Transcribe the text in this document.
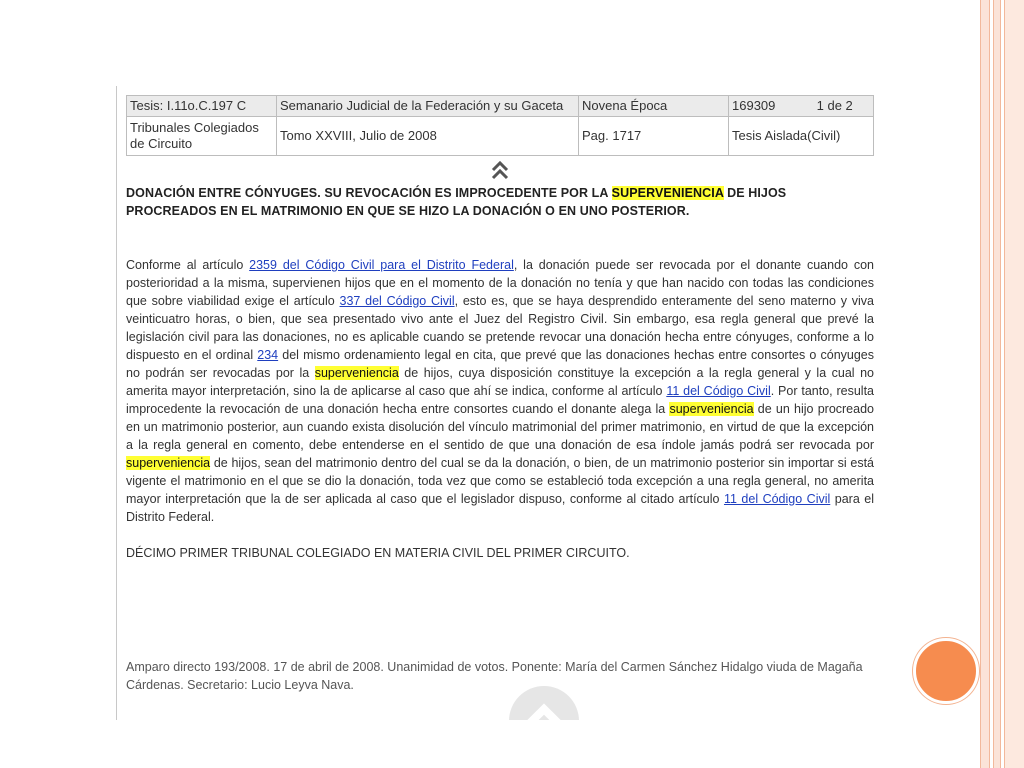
Tesis: I.11o.C.197 C	Semanario Judicial de la Federación y su Gaceta	Novena Época	169309 1 de 2
Tribunales Colegiados de Circuito	Tomo XXVIII, Julio de 2008	Pag. 1717	Tesis Aislada(Civil)

DONACIÓN ENTRE CÓNYUGES. SU REVOCACIÓN ES IMPROCEDENTE POR LA SUPERVENIENCIA DE HIJOS PROCREADOS EN EL MATRIMONIO EN QUE SE HIZO LA DONACIÓN O EN UNO POSTERIOR.

Conforme al artículo 2359 del Código Civil para el Distrito Federal, la donación puede ser revocada por el donante cuando con posterioridad a la misma, supervienen hijos que en el momento de la donación no tenía y que han nacido con todas las condiciones que sobre viabilidad exige el artículo 337 del Código Civil, esto es, que se haya desprendido enteramente del seno materno y viva veinticuatro horas, o bien, que sea presentado vivo ante el Juez del Registro Civil. Sin embargo, esa regla general que prevé la legislación civil para las donaciones, no es aplicable cuando se pretende revocar una donación hecha entre cónyuges, conforme a lo dispuesto en el ordinal 234 del mismo ordenamiento legal en cita, que prevé que las donaciones hechas entre consortes o cónyuges no podrán ser revocadas por la superveniencia de hijos, cuya disposición constituye la excepción a la regla general y la cual no amerita mayor interpretación, sino la de aplicarse al caso que ahí se indica, conforme al artículo 11 del Código Civil. Por tanto, resulta improcedente la revocación de una donación hecha entre consortes cuando el donante alega la superveniencia de un hijo procreado en un matrimonio posterior, aun cuando exista disolución del vínculo matrimonial del primer matrimonio, en virtud de que la excepción a la regla general en comento, debe entenderse en el sentido de que una donación de esa índole jamás podrá ser revocada por superveniencia de hijos, sean del matrimonio dentro del cual se da la donación, o bien, de un matrimonio posterior sin importar si está vigente el matrimonio en el que se dio la donación, toda vez que como se estableció toda excepción a una regla general, no amerita mayor interpretación que la de ser aplicada al caso que el legislador dispuso, conforme al citado artículo 11 del Código Civil para el Distrito Federal.

DÉCIMO PRIMER TRIBUNAL COLEGIADO EN MATERIA CIVIL DEL PRIMER CIRCUITO.

Amparo directo 193/2008. 17 de abril de 2008. Unanimidad de votos. Ponente: María del Carmen Sánchez Hidalgo viuda de Magaña Cárdenas. Secretario: Lucio Leyva Nava.
